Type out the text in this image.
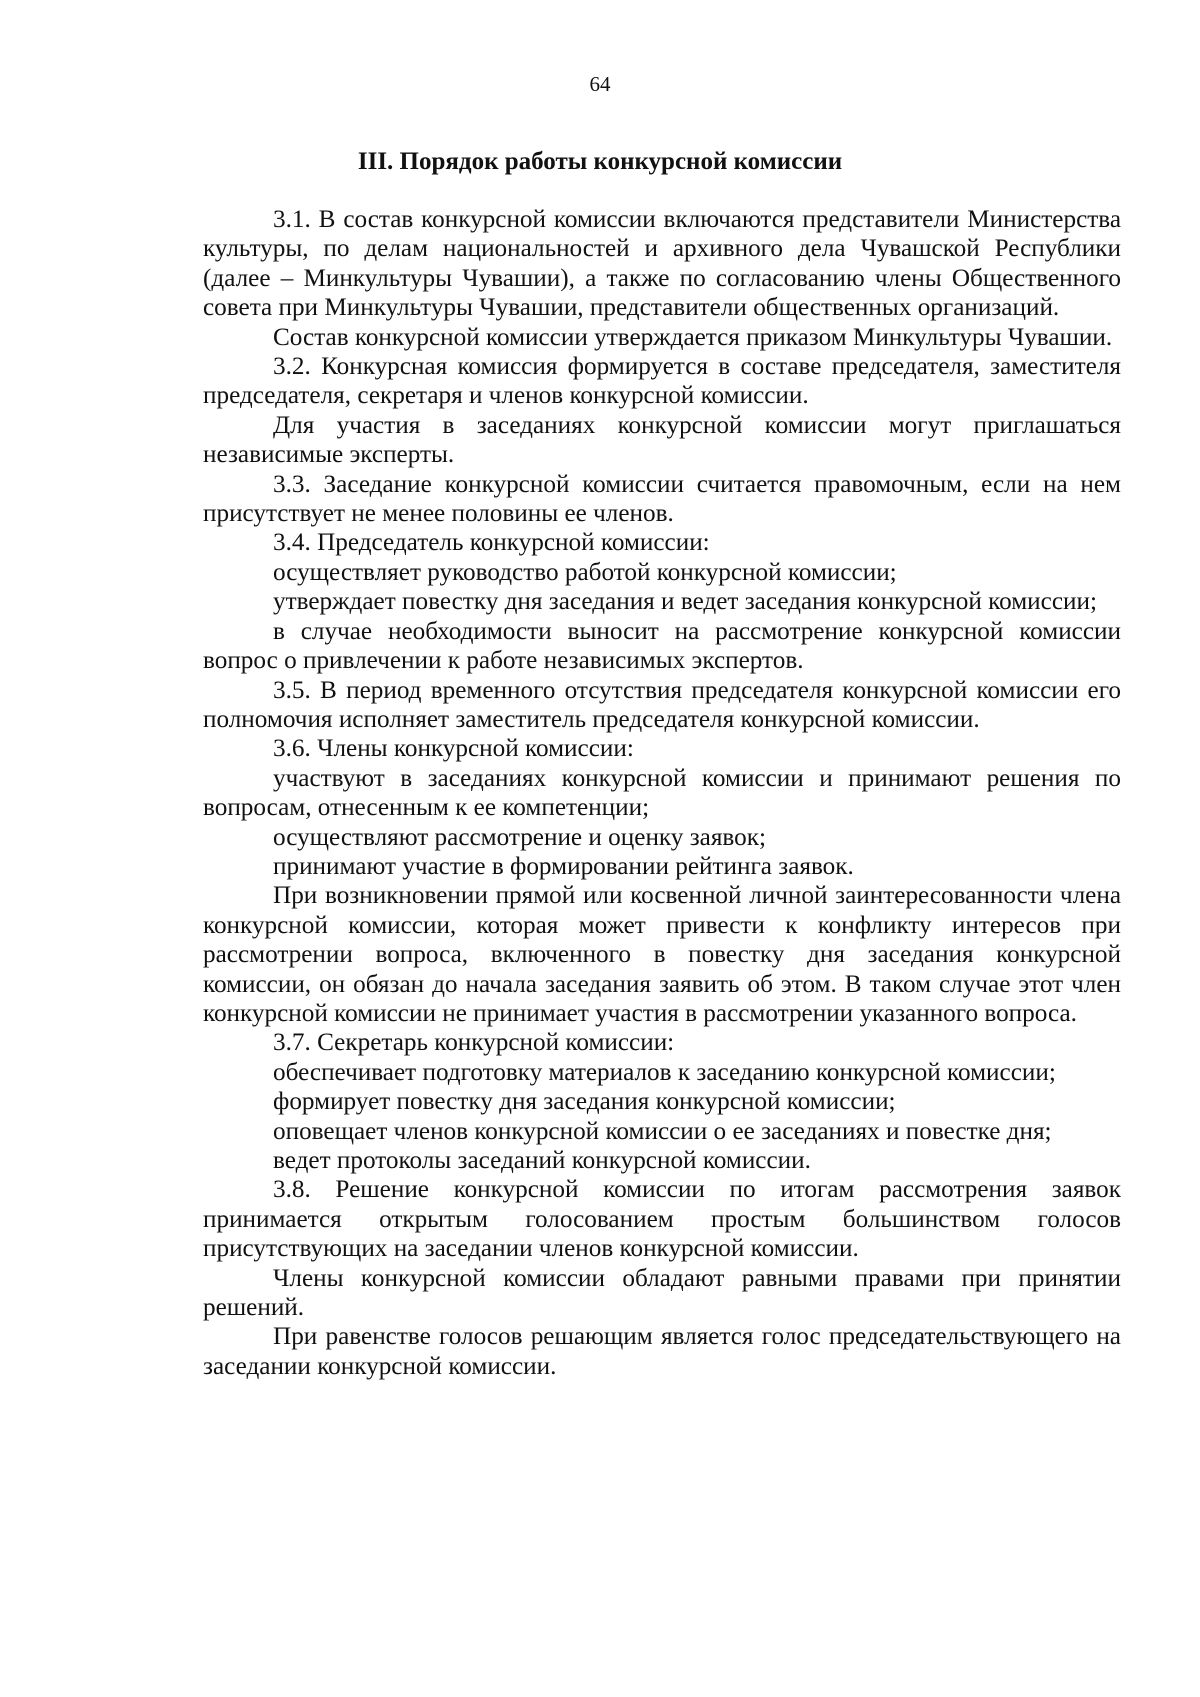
64
III. Порядок работы конкурсной комиссии

3.1. В состав конкурсной комиссии включаются представители Министерства культуры, по делам национальностей и архивного дела Чувашской Республики (далее – Минкультуры Чувашии), а также по согласованию члены Общественного совета при Минкультуры Чувашии, представители общественных организаций.

Состав конкурсной комиссии утверждается приказом Минкультуры Чувашии.

3.2. Конкурсная комиссия формируется в составе председателя, заместителя председателя, секретаря и членов конкурсной комиссии.

Для участия в заседаниях конкурсной комиссии могут приглашаться независимые эксперты.

3.3. Заседание конкурсной комиссии считается правомочным, если на нем присутствует не менее половины ее членов.

3.4. Председатель конкурсной комиссии:

осуществляет руководство работой конкурсной комиссии;

утверждает повестку дня заседания и ведет заседания конкурсной комиссии;

в случае необходимости выносит на рассмотрение конкурсной комиссии вопрос о привлечении к работе независимых экспертов.

3.5. В период временного отсутствия председателя конкурсной комиссии его полномочия исполняет заместитель председателя конкурсной комиссии.

3.6. Члены конкурсной комиссии:

участвуют в заседаниях конкурсной комиссии и принимают решения по вопросам, отнесенным к ее компетенции;

осуществляют рассмотрение и оценку заявок;

принимают участие в формировании рейтинга заявок.

При возникновении прямой или косвенной личной заинтересованности члена конкурсной комиссии, которая может привести к конфликту интересов при рассмотрении вопроса, включенного в повестку дня заседания конкурсной комиссии, он обязан до начала заседания заявить об этом. В таком случае этот член конкурсной комиссии не принимает участия в рассмотрении указанного вопроса.

3.7. Секретарь конкурсной комиссии:

обеспечивает подготовку материалов к заседанию конкурсной комиссии;

формирует повестку дня заседания конкурсной комиссии;

оповещает членов конкурсной комиссии о ее заседаниях и повестке дня;

ведет протоколы заседаний конкурсной комиссии.

3.8. Решение конкурсной комиссии по итогам рассмотрения заявок принимается открытым голосованием простым большинством голосов присутствующих на заседании членов конкурсной комиссии.

Члены конкурсной комиссии обладают равными правами при принятии решений.

При равенстве голосов решающим является голос председательствующего на заседании конкурсной комиссии.
